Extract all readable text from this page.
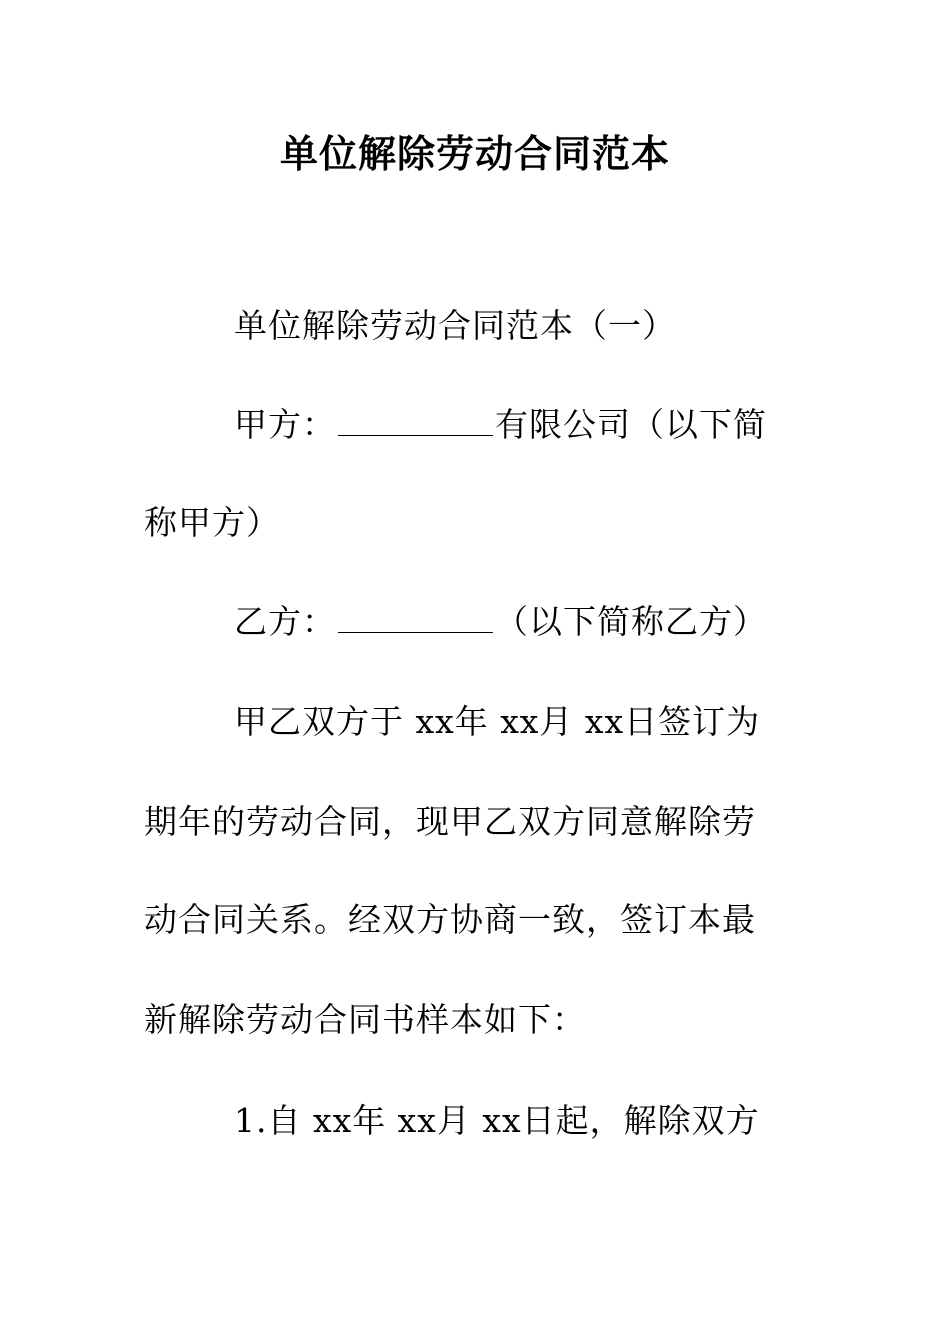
单位解除劳动合同范本
单位解除劳动合同范本（一）
甲方：	有限公司（以下简
称甲方）
乙方：	（以下简称乙方）
甲乙双方于 xx年 xx月 xx日签订为
期年的劳动合同，现甲乙双方同意解除劳
动合同关系。经双方协商一致，签订本最
新解除劳动合同书样本如下：
1.自 xx年 xx月 xx日起，解除双方
